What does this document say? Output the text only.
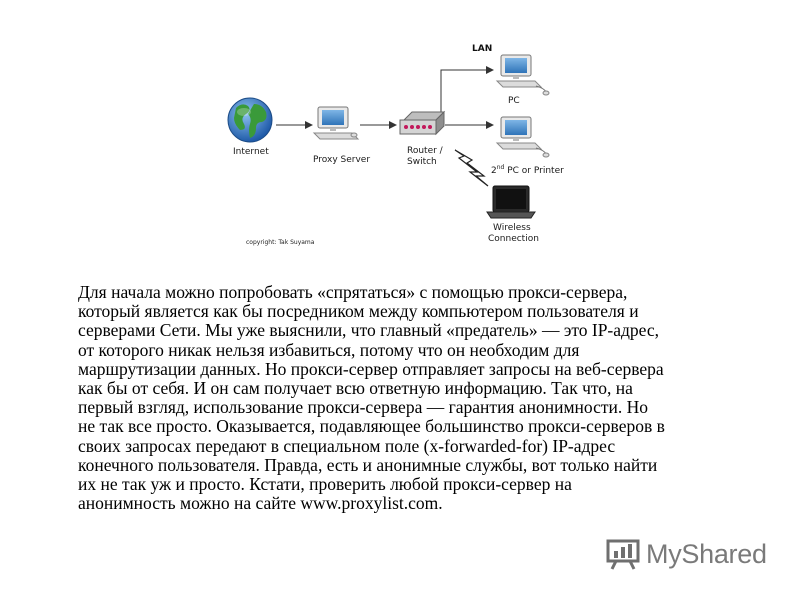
Internet
Proxy Server
Router /
Switch
LAN
PC
2nd PC or Printer
Wireless
Connection
copyright: Tak Suyama

Для начала можно попробовать «спрятаться» с помощью прокси-сервера,
который является как бы посредником между компьютером пользователя и
серверами Сети. Мы уже выяснили, что главный «предатель» — это IP-адрес,
от которого никак нельзя избавиться, потому что он необходим для
маршрутизации данных. Но прокси-сервер отправляет запросы на веб-сервера
как бы от себя. И он сам получает всю ответную информацию. Так что, на
первый взгляд, использование прокси-сервера — гарантия анонимности. Но
не так все просто. Оказывается, подавляющее большинство прокси-серверов в
своих запросах передают в специальном поле (x-forwarded-for) IP-адрес
конечного пользователя. Правда, есть и анонимные службы, вот только найти
их не так уж и просто. Кстати, проверить любой прокси-сервер на
анонимность можно на сайте www.proxylist.com.

MyShared
